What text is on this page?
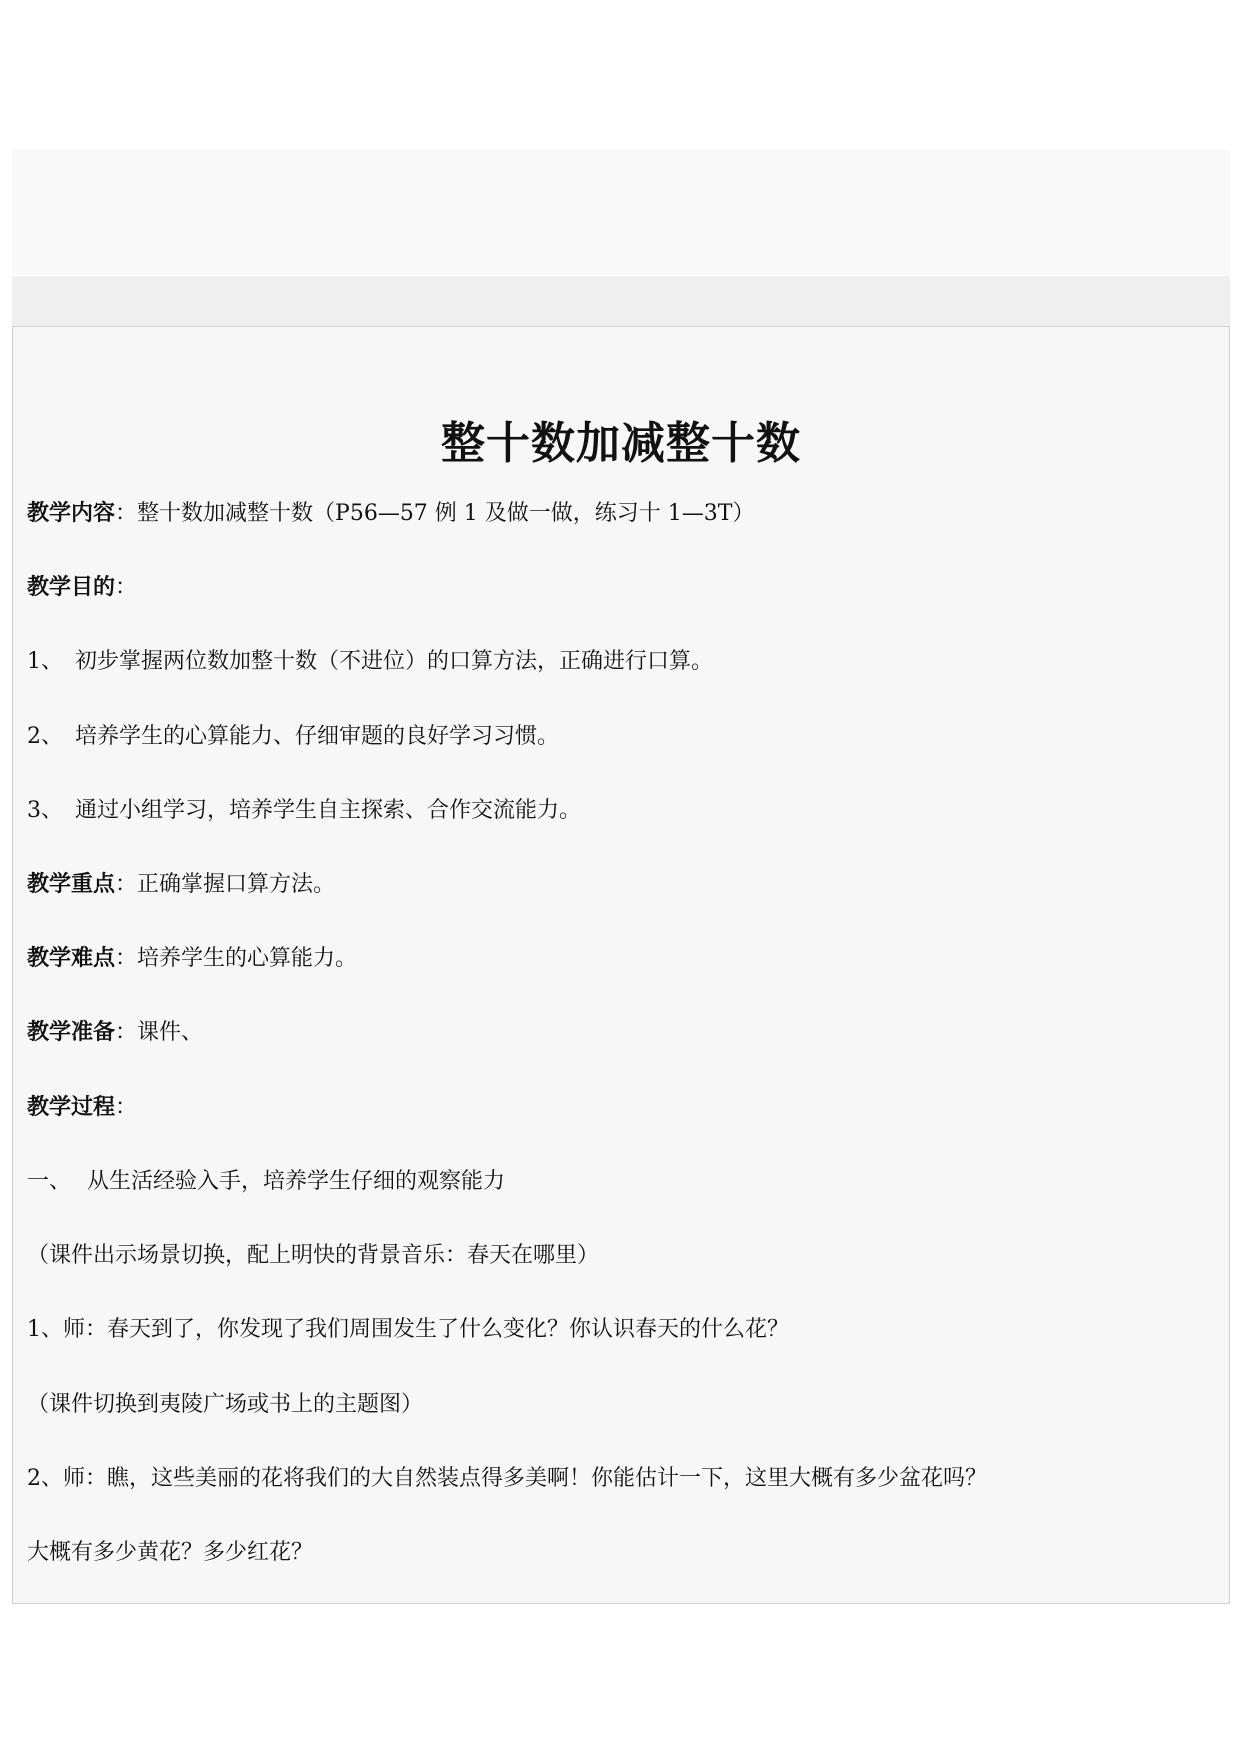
整十数加减整十数
教学内容：整十数加减整十数（P56—57 例 1 及做一做，练习十 1—3T）
教学目的：
1、 初步掌握两位数加整十数（不进位）的口算方法，正确进行口算。
2、 培养学生的心算能力、仔细审题的良好学习习惯。
3、 通过小组学习，培养学生自主探索、合作交流能力。
教学重点：正确掌握口算方法。
教学难点：培养学生的心算能力。
教学准备：课件、
教学过程：
一、 从生活经验入手，培养学生仔细的观察能力
（课件出示场景切换，配上明快的背景音乐：春天在哪里）
1、师：春天到了，你发现了我们周围发生了什么变化？你认识春天的什么花？
（课件切换到夷陵广场或书上的主题图）
2、师：瞧，这些美丽的花将我们的大自然装点得多美啊！你能估计一下，这里大概有多少盆花吗？
大概有多少黄花？多少红花？
